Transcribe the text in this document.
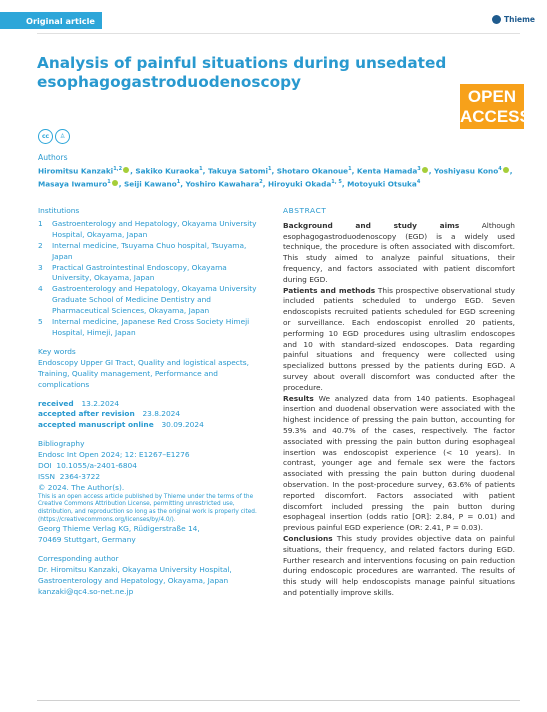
Original article	Thieme
Analysis of painful situations during unsedated esophagogastroduodenoscopy
OPEN
ACCESS
cc	♙
Authors
Hiromitsu Kanzaki$^{1,2}$ , Sakiko Kuraoka$^1$, Takuya Satomi$^1$, Shotaro Okanoue$^1$, Kenta Hamada$^3$ , Yoshiyasu Kono$^4$ , Masaya Iwamuro$^1$ , Seiji Kawano$^1$, Yoshiro Kawahara$^2$, Hiroyuki Okada$^{1, 5}$, Motoyuki Otsuka$^4$
Institutions
1	Gastroenterology and Hepatology, Okayama University Hospital, Okayama, Japan
2	Internal medicine, Tsuyama Chuo hospital, Tsuyama, Japan
3	Practical Gastrointestinal Endoscopy, Okayama University, Okayama, Japan
4	Gastroenterology and Hepatology, Okayama University Graduate School of Medicine Dentistry and Pharmaceutical Sciences, Okayama, Japan
5	Internal medicine, Japanese Red Cross Society Himeji Hospital, Himeji, Japan
Key words
Endoscopy Upper GI Tract, Quality and logistical aspects, Training, Quality management, Performance and complications
received 13.2.2024
accepted after revision 23.8.2024
accepted manuscript online 30.09.2024
Bibliography
Endosc Int Open 2024; 12: E1267–E1276
DOI 10.1055/a-2401-6804
ISSN 2364-3722
© 2024. The Author(s).
This is an open access article published by Thieme under the terms of the Creative Commons Attribution License, permitting unrestricted use, distribution, and reproduction so long as the original work is properly cited. (https://creativecommons.org/licenses/by/4.0/).
Georg Thieme Verlag KG, Rüdigerstraße 14,
70469 Stuttgart, Germany
Corresponding author
Dr. Hiromitsu Kanzaki, Okayama University Hospital,
Gastroenterology and Hepatology, Okayama, Japan
kanzaki@qc4.so-net.ne.jp
ABSTRACT

Background and study aims Although esophagogastroduodenoscopy (EGD) is a widely used technique, the procedure is often associated with discomfort. This study aimed to analyze painful situations, their frequency, and factors associated with patient discomfort during EGD.

Patients and methods This prospective observational study included patients scheduled to undergo EGD. Seven endoscopists recruited patients scheduled for EGD screening or surveillance. Each endoscopist enrolled 20 patients, performing 10 EGD procedures using ultraslim endoscopes and 10 with standard-sized endoscopes. Data regarding painful situations and frequency were collected using specialized buttons pressed by the patients during EGD. A survey about overall discomfort was conducted after the procedure.

Results We analyzed data from 140 patients. Esophageal insertion and duodenal observation were associated with the highest incidence of pressing the pain button, accounting for 59.3% and 40.7% of the cases, respectively. The factor associated with pressing the pain button during esophageal insertion was endoscopist experience (< 10 years). In contrast, younger age and female sex were the factors associated with pressing the pain button during duodenal observation. In the post-procedure survey, 63.6% of patients reported discomfort. Factors associated with patient discomfort included pressing the pain button during esophageal insertion (odds ratio [OR]: 2.84, P = 0.01) and previous painful EGD experience (OR: 2.41, P = 0.03).

Conclusions This study provides objective data on painful situations, their frequency, and related factors during EGD. Further research and interventions focusing on pain reduction during endoscopic procedures are warranted. The results of this study will help endoscopists manage painful situations and potentially improve skills.
